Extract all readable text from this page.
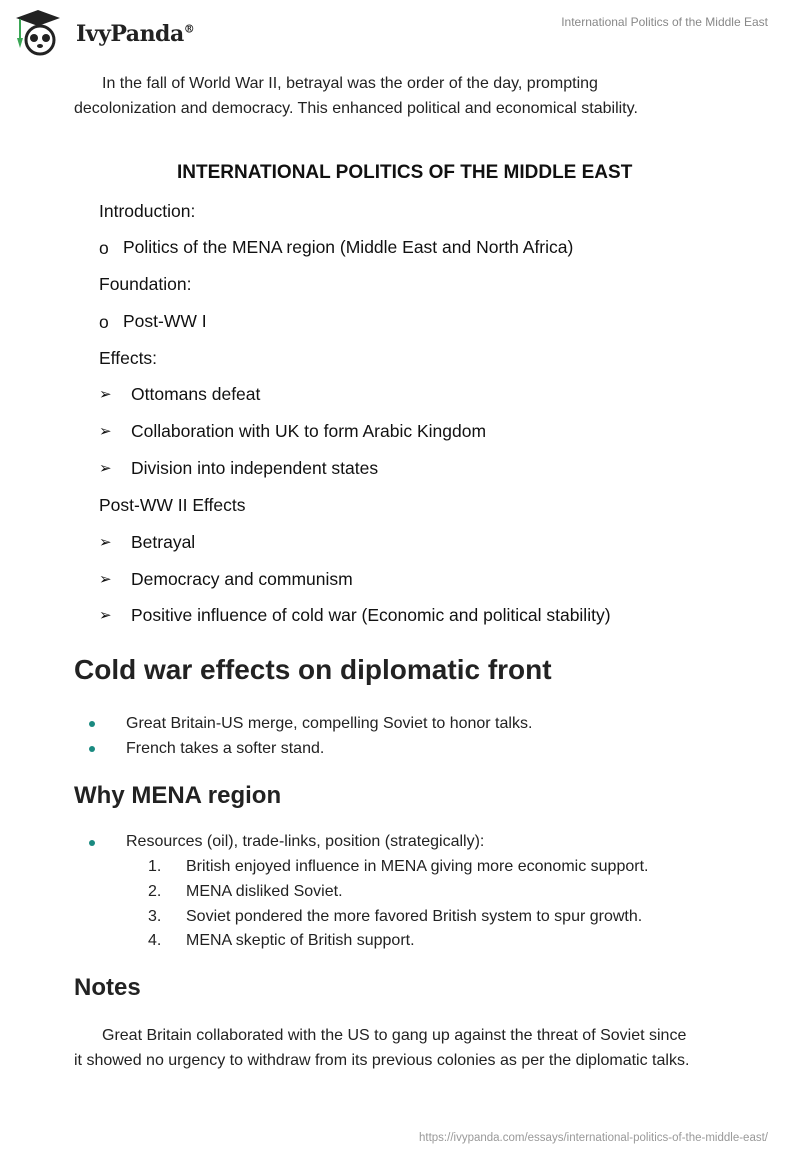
IvyPanda®
International Politics of the Middle East
In the fall of World War II, betrayal was the order of the day, prompting
decolonization and democracy. This enhanced political and economical stability.
INTERNATIONAL POLITICS OF THE MIDDLE EAST
Introduction:
o Politics of the MENA region (Middle East and North Africa)
Foundation:
o Post-WW I
Effects:
➢ Ottomans defeat
➢ Collaboration with UK to form Arabic Kingdom
➢ Division into independent states
Post-WW II Effects
➢ Betrayal
➢ Democracy and communism
➢ Positive influence of cold war (Economic and political stability)
Cold war effects on diplomatic front
Great Britain-US merge, compelling Soviet to honor talks.
French takes a softer stand.
Why MENA region
Resources (oil), trade-links, position (strategically):
1. British enjoyed influence in MENA giving more economic support.
2. MENA disliked Soviet.
3. Soviet pondered the more favored British system to spur growth.
4. MENA skeptic of British support.
Notes
Great Britain collaborated with the US to gang up against the threat of Soviet since
it showed no urgency to withdraw from its previous colonies as per the diplomatic talks.
https://ivypanda.com/essays/international-politics-of-the-middle-east/
